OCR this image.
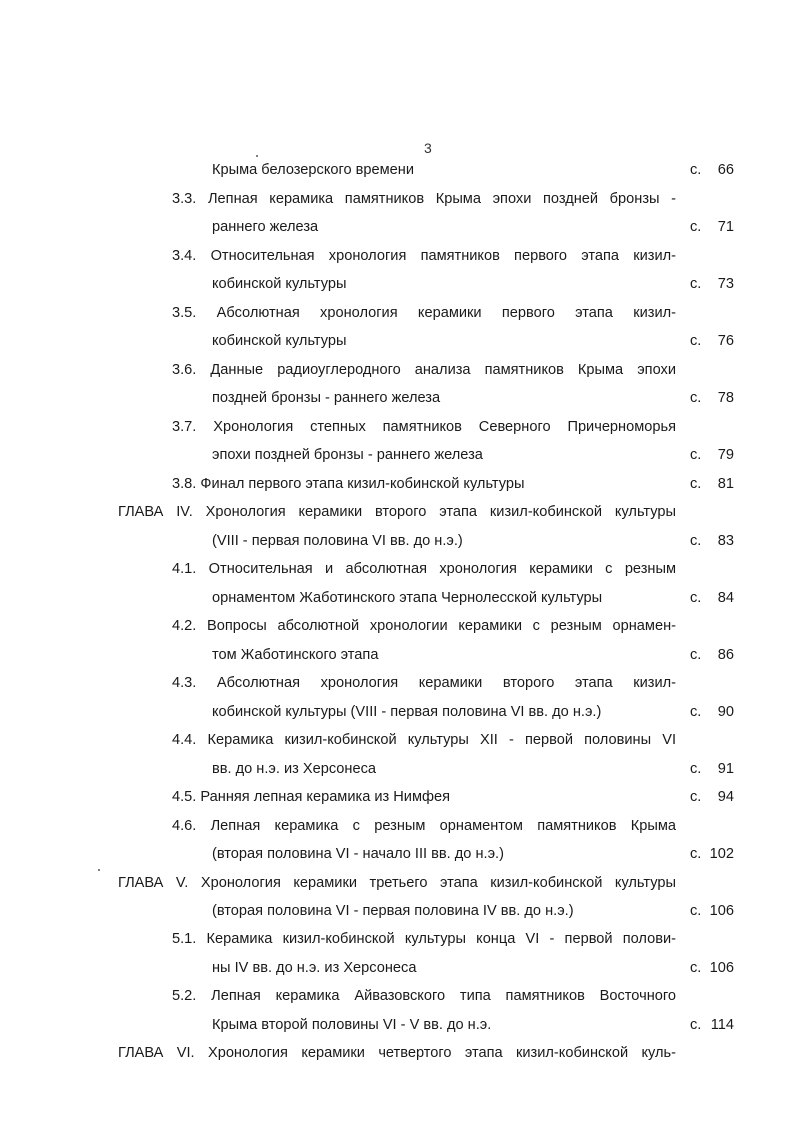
3
Крыма белозерского времени	с.	66
3.3. Лепная керамика памятников Крыма эпохи поздней бронзы -
раннего железа	с.	71
3.4. Относительная хронология памятников первого этапа кизил-
кобинской культуры	с.	73
3.5. Абсолютная хронология керамики первого этапа кизил-
кобинской культуры	с.	76
3.6. Данные радиоуглеродного анализа памятников Крыма эпохи
поздней бронзы - раннего железа	с.	78
3.7. Хронология степных памятников Северного Причерноморья
эпохи поздней бронзы - раннего железа	с.	79
3.8. Финал первого этапа кизил-кобинской культуры	с.	81
ГЛАВА IV. Хронология керамики второго этапа кизил-кобинской культуры
(VIII - первая половина VI вв. до н.э.)	с.	83
4.1. Относительная и абсолютная хронология керамики с резным
орнаментом Жаботинского этапа Чернолесской культуры	с.	84
4.2. Вопросы абсолютной хронологии керамики с резным орнамен-
том Жаботинского этапа	с.	86
4.3. Абсолютная хронология керамики второго этапа кизил-
кобинской культуры (VIII - первая половина VI вв. до н.э.)	с.	90
4.4. Керамика кизил-кобинской культуры XII - первой половины VI
вв. до н.э. из Херсонеса	с.	91
4.5. Ранняя лепная керамика из Нимфея	с.	94
4.6. Лепная керамика с резным орнаментом памятников Крыма
(вторая половина VI - начало III вв. до н.э.)	с. 102
ГЛАВА V. Хронология керамики третьего этапа кизил-кобинской культуры
(вторая половина VI - первая половина IV вв. до н.э.)	с. 106
5.1. Керамика кизил-кобинской культуры конца VI - первой полови-
ны IV вв. до н.э. из Херсонеса	с. 106
5.2. Лепная керамика Айвазовского типа памятников Восточного
Крыма второй половины VI - V вв. до н.э.	с. 114
ГЛАВА VI. Хронология керамики четвертого этапа кизил-кобинской куль-
